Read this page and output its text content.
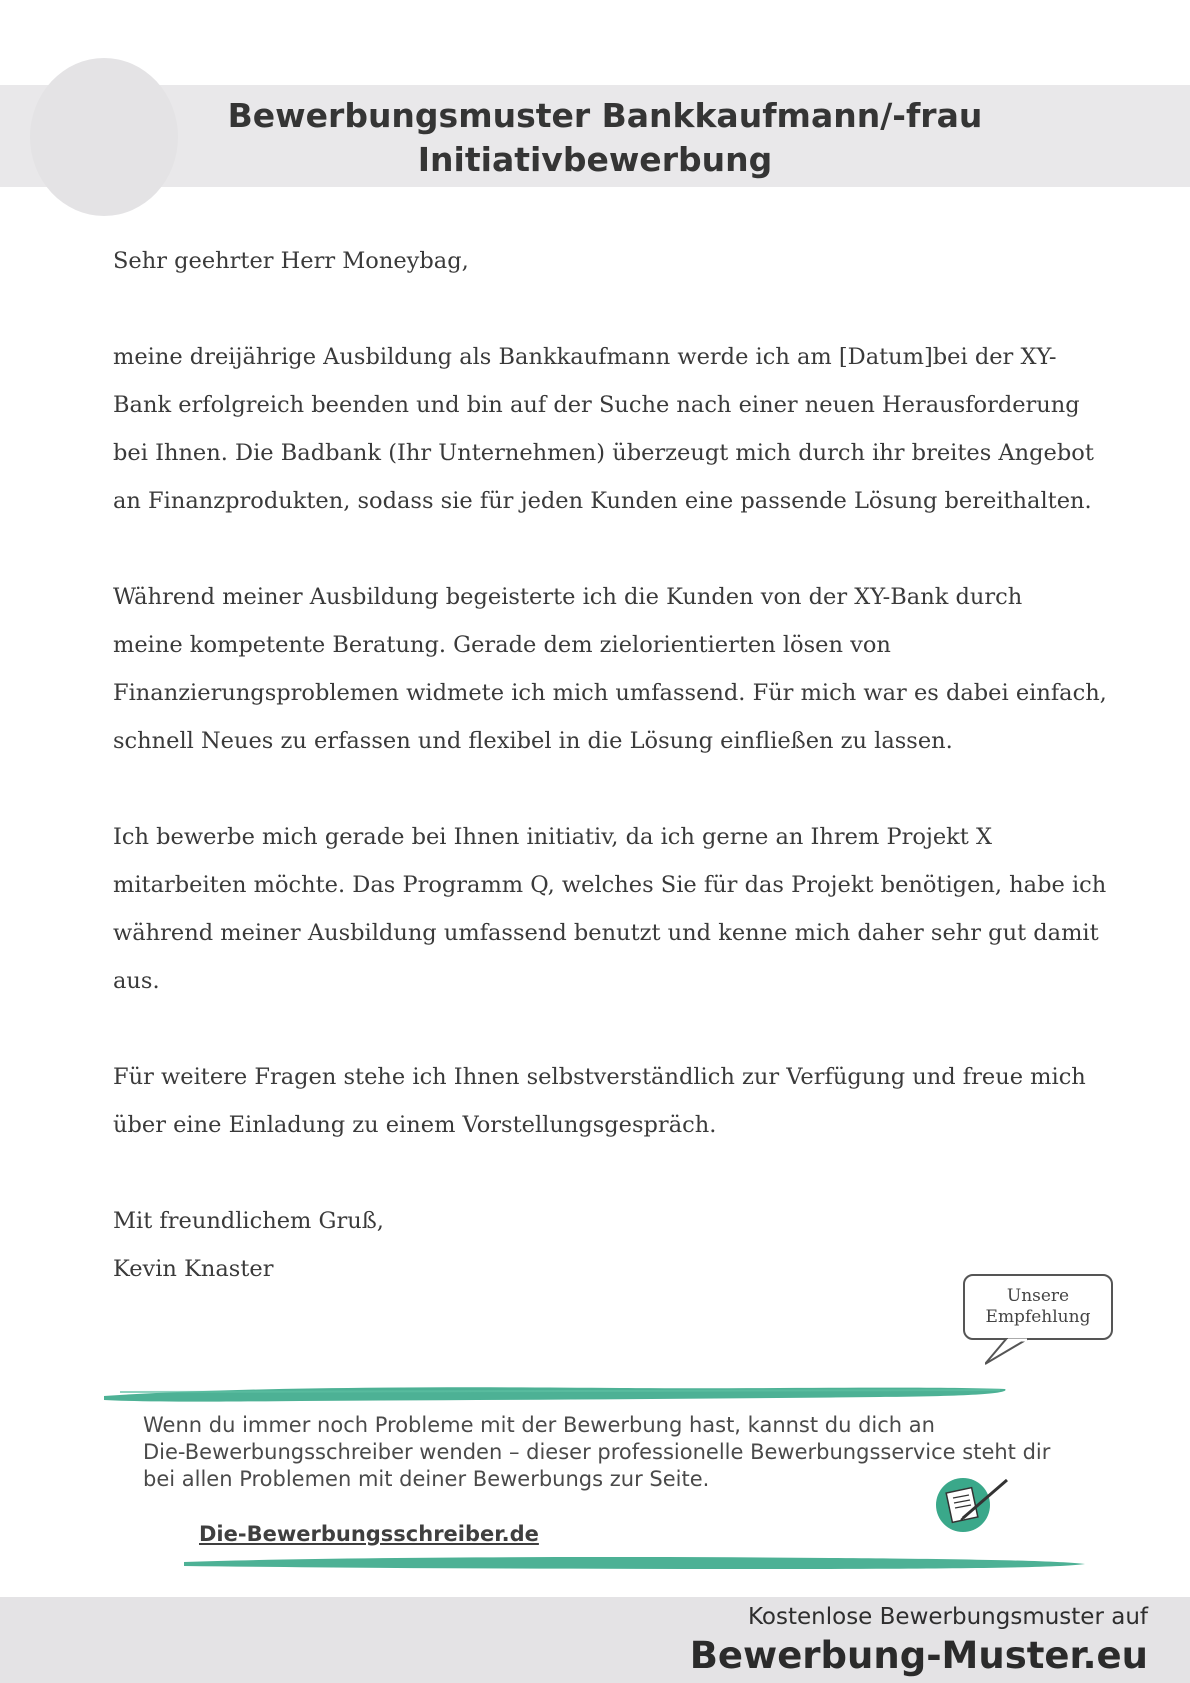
Bewerbungsmuster Bankkaufmann/-frau
Initiativbewerbung

Sehr geehrter Herr Moneybag,

meine dreijährige Ausbildung als Bankkaufmann werde ich am [Datum]bei der XY-
Bank erfolgreich beenden und bin auf der Suche nach einer neuen Herausforderung
bei Ihnen. Die Badbank (Ihr Unternehmen) überzeugt mich durch ihr breites Angebot
an Finanzprodukten, sodass sie für jeden Kunden eine passende Lösung bereithalten.

Während meiner Ausbildung begeisterte ich die Kunden von der XY-Bank durch
meine kompetente Beratung. Gerade dem zielorientierten lösen von
Finanzierungsproblemen widmete ich mich umfassend. Für mich war es dabei einfach,
schnell Neues zu erfassen und flexibel in die Lösung einfließen zu lassen.

Ich bewerbe mich gerade bei Ihnen initiativ, da ich gerne an Ihrem Projekt X
mitarbeiten möchte. Das Programm Q, welches Sie für das Projekt benötigen, habe ich
während meiner Ausbildung umfassend benutzt und kenne mich daher sehr gut damit
aus.

Für weitere Fragen stehe ich Ihnen selbstverständlich zur Verfügung und freue mich
über eine Einladung zu einem Vorstellungsgespräch.

Mit freundlichem Gruß,
Kevin Knaster

Unsere
Empfehlung
Wenn du immer noch Probleme mit der Bewerbung hast, kannst du dich an
Die-Bewerbungsschreiber wenden – dieser professionelle Bewerbungsservice steht dir
bei allen Problemen mit deiner Bewerbungs zur Seite.
Die-Bewerbungsschreiber.de
Kostenlose Bewerbungsmuster auf
Bewerbung-Muster.eu
